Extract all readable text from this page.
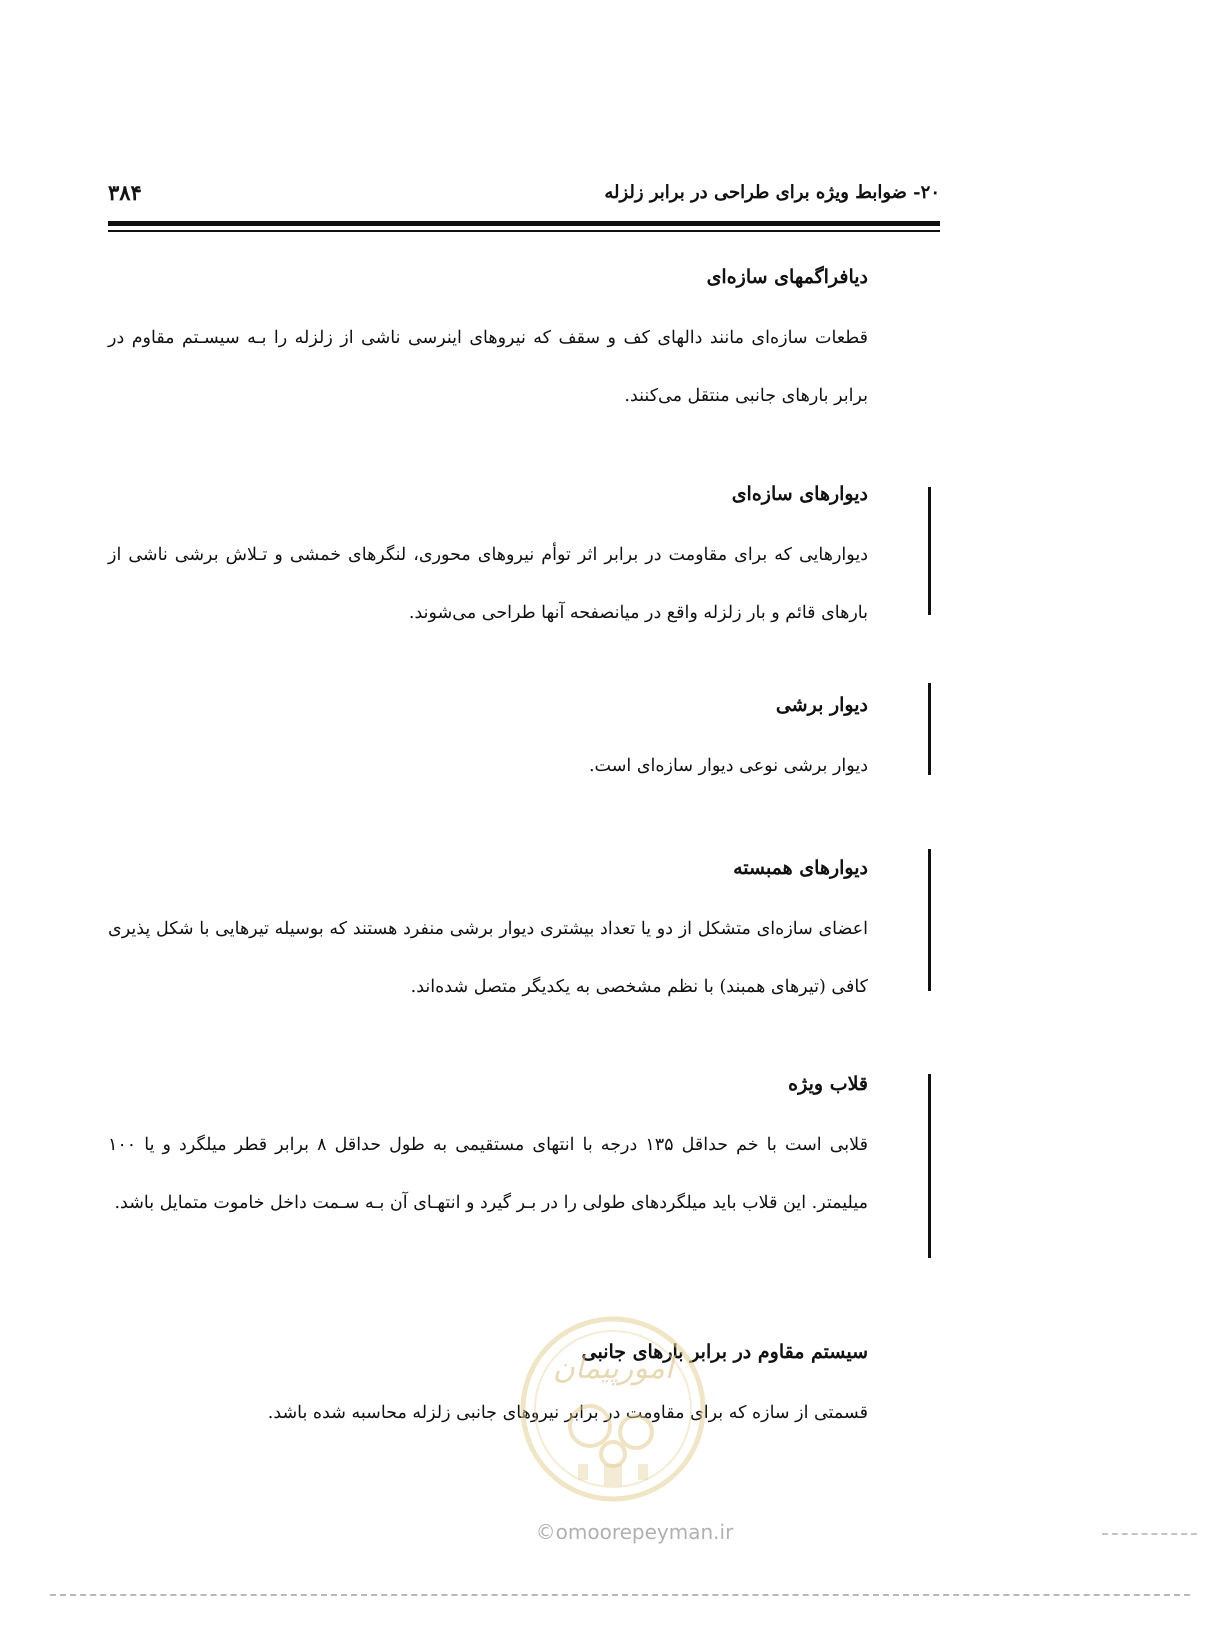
۲۰- ضوابط ویژه برای طراحی در برابر زلزله
۳۸۴
دیافراگمهای سازه‌ای

قطعات سازه‌ای مانند دالهای کف و سقف که نیروهای اینرسی ناشی از زلزله را بـه سیسـتم مقاوم در برابر بارهای جانبی منتقل می‌کنند.

دیوارهای سازه‌ای

دیوارهایی که برای مقاومت در برابر اثر توأم نیروهای محوری، لنگرهای خمشی و تـلاش برشی ناشی از بارهای قائم و بار زلزله واقع در میانصفحه آنها طراحی می‌شوند.

دیوار برشی

دیوار برشی نوعی دیوار سازه‌ای است.

دیوارهای همبسته

اعضای سازه‌ای متشکل از دو یا تعداد بیشتری دیوار برشی منفرد هستند که بوسیله تیرهایی با شکل پذیری کافی (تیرهای همبند) با نظم مشخصی به یکدیگر متصل شده‌اند.

قلاب ویژه

قلابی است با خم حداقل ۱۳۵ درجه با انتهای مستقیمی به طول حداقل ۸ برابر قطر میلگرد و یا ۱۰۰ میلیمتر. این قلاب باید میلگردهای طولی را در بـر گیرد و انتهـای آن بـه سـمت داخل خاموت متمایل باشد.

سیستم مقاوم در برابر بارهای جانبی

قسمتی از سازه که برای مقاومت در برابر نیروهای جانبی زلزله محاسبه شده باشد.

امورپیمان
©omoorepeyman.ir
